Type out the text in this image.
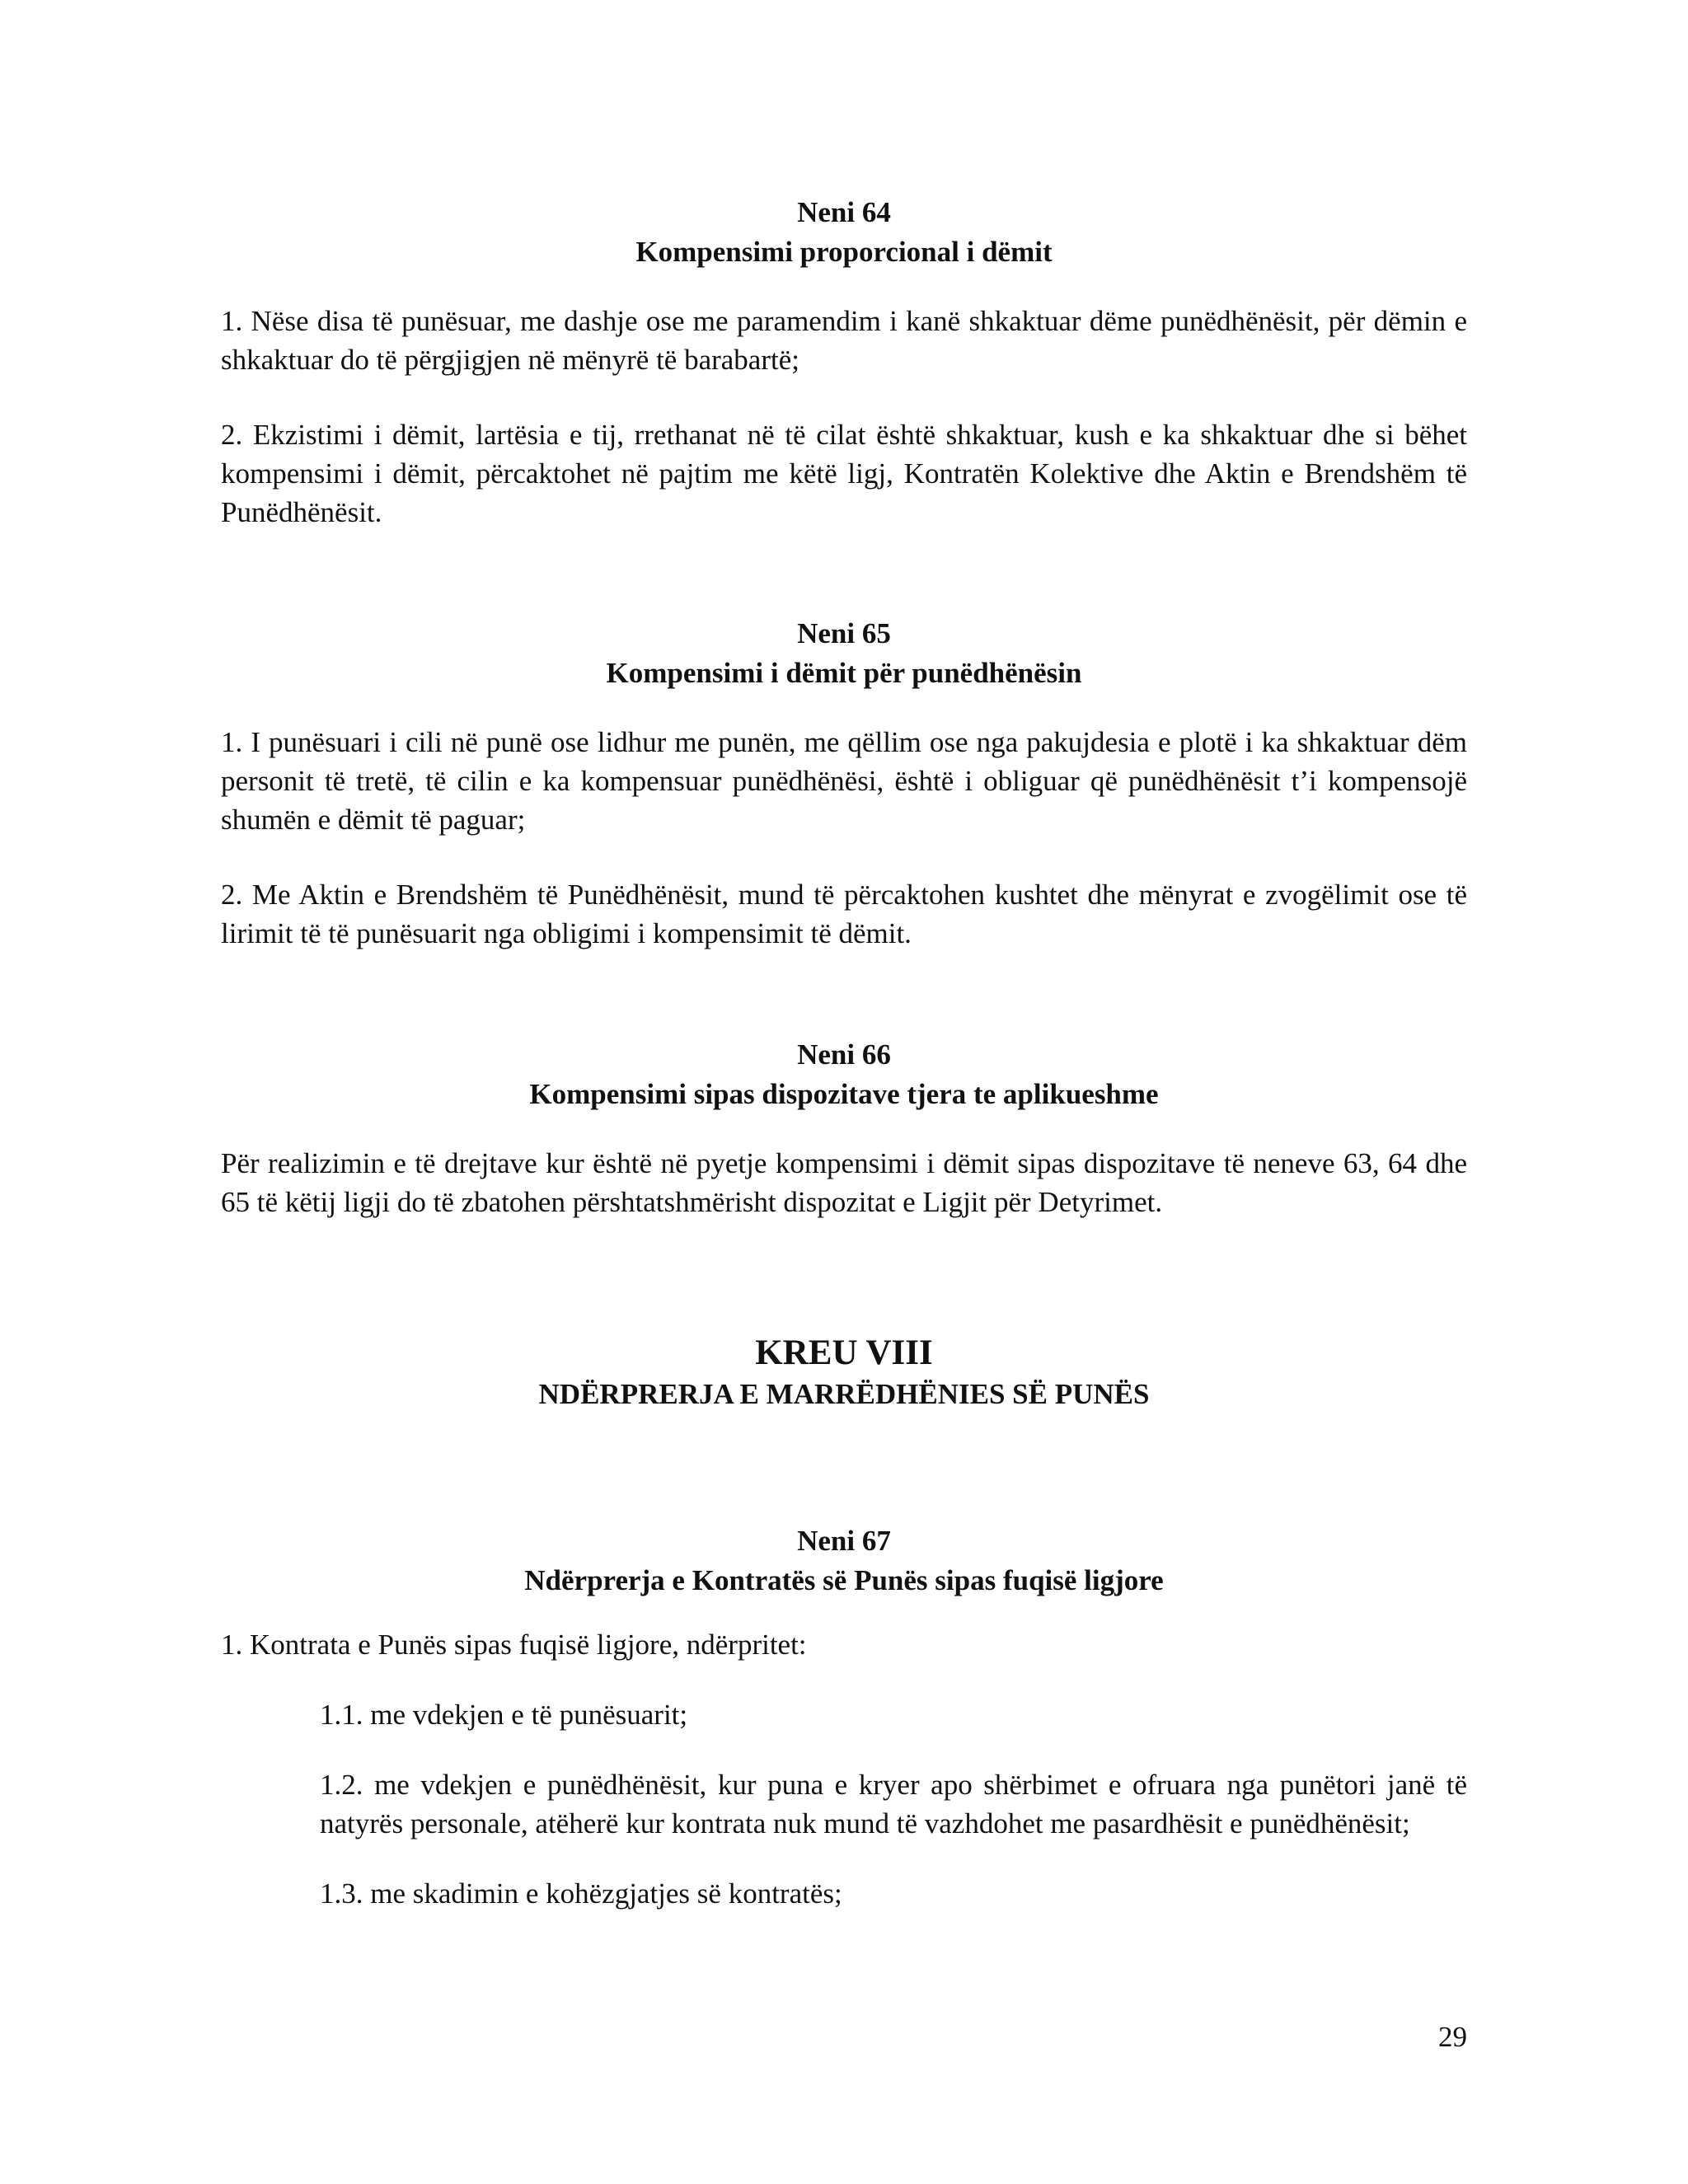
Neni 64

Kompensimi proporcional i dëmit

1. Nëse disa të punësuar, me dashje ose me paramendim i kanë shkaktuar dëme punëdhënësit, për dëmin e shkaktuar do të përgjigjen në mënyrë të barabartë;

2. Ekzistimi i dëmit, lartësia e tij, rrethanat në të cilat është shkaktuar, kush e ka shkaktuar dhe si bëhet kompensimi i dëmit, përcaktohet në pajtim me këtë ligj, Kontratën Kolektive dhe Aktin e Brendshëm të Punëdhënësit.

Neni 65

Kompensimi i dëmit për punëdhënësin

1. I punësuari i cili në punë ose lidhur me punën, me qëllim ose nga pakujdesia e plotë i ka shkaktuar dëm personit të tretë, të cilin e ka kompensuar punëdhënësi, është i obliguar që punëdhënësit t’i kompensojë shumën e dëmit të paguar;

2. Me Aktin e Brendshëm të Punëdhënësit, mund të përcaktohen kushtet dhe mënyrat e zvogëlimit ose të lirimit të të punësuarit nga obligimi i kompensimit të dëmit.

Neni 66

Kompensimi sipas dispozitave tjera te aplikueshme

Për realizimin e të drejtave kur është në pyetje kompensimi i dëmit sipas dispozitave të neneve 63, 64 dhe 65 të këtij ligji do të zbatohen përshtatshmërisht dispozitat e Ligjit për Detyrimet.

KREU VIII

NDËRPRERJA E MARRËDHËNIES SË PUNËS

Neni 67

Ndërprerja e Kontratës së Punës sipas fuqisë ligjore

1. Kontrata e Punës sipas fuqisë ligjore, ndërpritet:

1.1. me vdekjen e të punësuarit;

1.2. me vdekjen e punëdhënësit, kur puna e kryer apo shërbimet e ofruara nga punëtori janë të natyrës personale, atëherë kur kontrata nuk mund të vazhdohet me pasardhësit e punëdhënësit;

1.3. me skadimin e kohëzgjatjes së kontratës;

29
